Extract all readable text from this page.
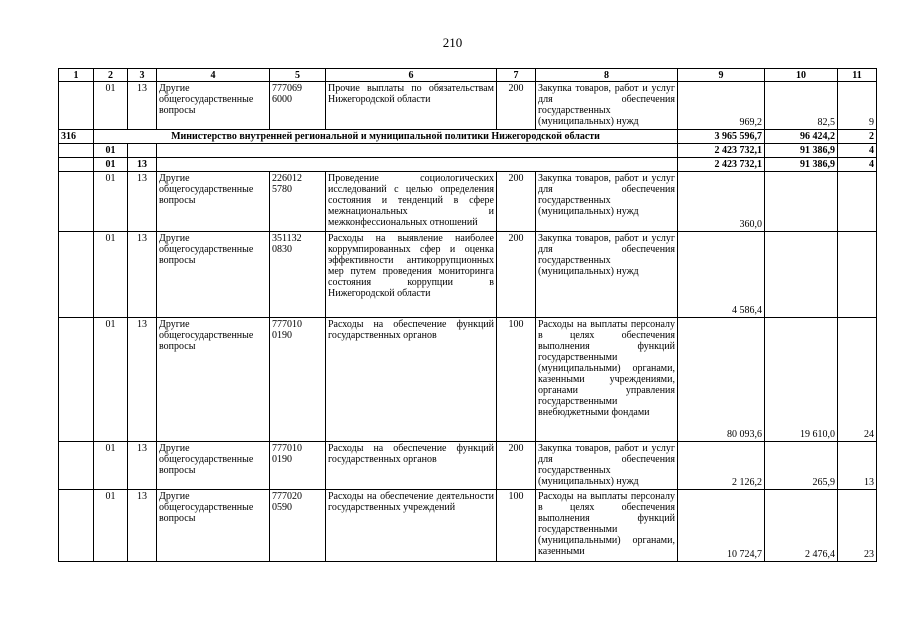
210
1	2	3	4	5	6	7	8	9	10	11
	01	13	Другие общегосударственные вопросы	777069 6000	Прочие выплаты по обязательствам Нижегородской области	200	Закупка товаров, работ и услуг для обеспечения государственных (муниципальных) нужд	969,2	82,5	9
316	Министерство внутренней региональной и муниципальной политики Нижегородской области							3 965 596,7	96 424,2	2
	01							2 423 732,1	91 386,9	4
	01	13						2 423 732,1	91 386,9	4
	01	13	Другие общегосударственные вопросы	226012 5780	Проведение социологических исследований с целью определения состояния и тенденций в сфере межнациональных и межконфессиональных отношений	200	Закупка товаров, работ и услуг для обеспечения государственных (муниципальных) нужд	360,0		
	01	13	Другие общегосударственные вопросы	351132 0830	Расходы на выявление наиболее коррумпированных сфер и оценка эффективности антикоррупционных мер путем проведения мониторинга состояния коррупции в Нижегородской области	200	Закупка товаров, работ и услуг для обеспечения государственных (муниципальных) нужд	4 586,4		
	01	13	Другие общегосударственные вопросы	777010 0190	Расходы на обеспечение функций государственных органов	100	Расходы на выплаты персоналу в целях обеспечения выполнения функций государственными (муниципальными) органами, казенными учреждениями, органами управления государственными внебюджетными фондами	80 093,6	19 610,0	24
	01	13	Другие общегосударственные вопросы	777010 0190	Расходы на обеспечение функций государственных органов	200	Закупка товаров, работ и услуг для обеспечения государственных (муниципальных) нужд	2 126,2	265,9	13
	01	13	Другие общегосударственные вопросы	777020 0590	Расходы на обеспечение деятельности государственных учреждений	100	Расходы на выплаты персоналу в целях обеспечения выполнения функций государственными (муниципальными) органами, казенными	10 724,7	2 476,4	23
